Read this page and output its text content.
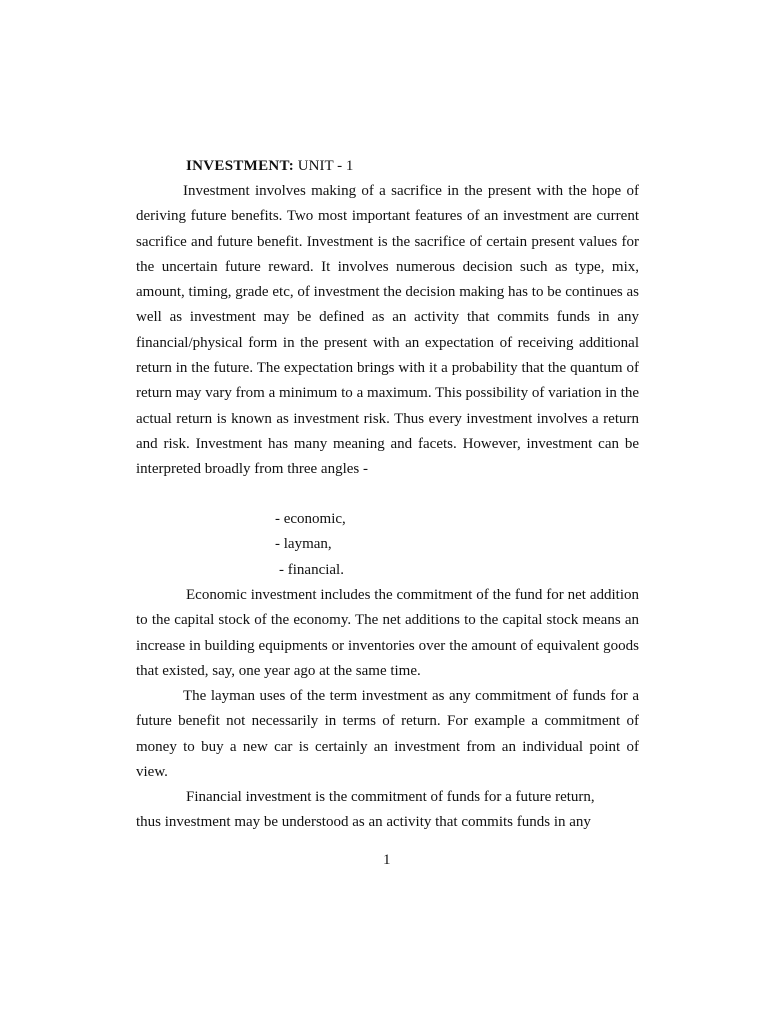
INVESTMENT: UNIT - 1
Investment involves making of a sacrifice in the present with the hope of deriving future benefits. Two most important features of an investment are current sacrifice and future benefit. Investment is the sacrifice of certain present values for the uncertain future reward. It involves numerous decision such as type, mix, amount, timing, grade etc, of investment the decision making has to be continues as well as investment may be defined as an activity that commits funds in any financial/physical form in the present with an expectation of receiving additional return in the future. The expectation brings with it a probability that the quantum of return may vary from a minimum to a maximum. This possibility of variation in the actual return is known as investment risk. Thus every investment involves a return and risk. Investment has many meaning and facets. However, investment can be interpreted broadly from three angles -
- economic,
- layman,
- financial.
Economic investment includes the commitment of the fund for net addition to the capital stock of the economy. The net additions to the capital stock means an increase in building equipments or inventories over the amount of equivalent goods that existed, say, one year ago at the same time.
The layman uses of the term investment as any commitment of funds for a future benefit not necessarily in terms of return. For example a commitment of money to buy a new car is certainly an investment from an individual point of view.
Financial investment is the commitment of funds for a future return,
thus investment may be understood as an activity that commits funds in any
1
